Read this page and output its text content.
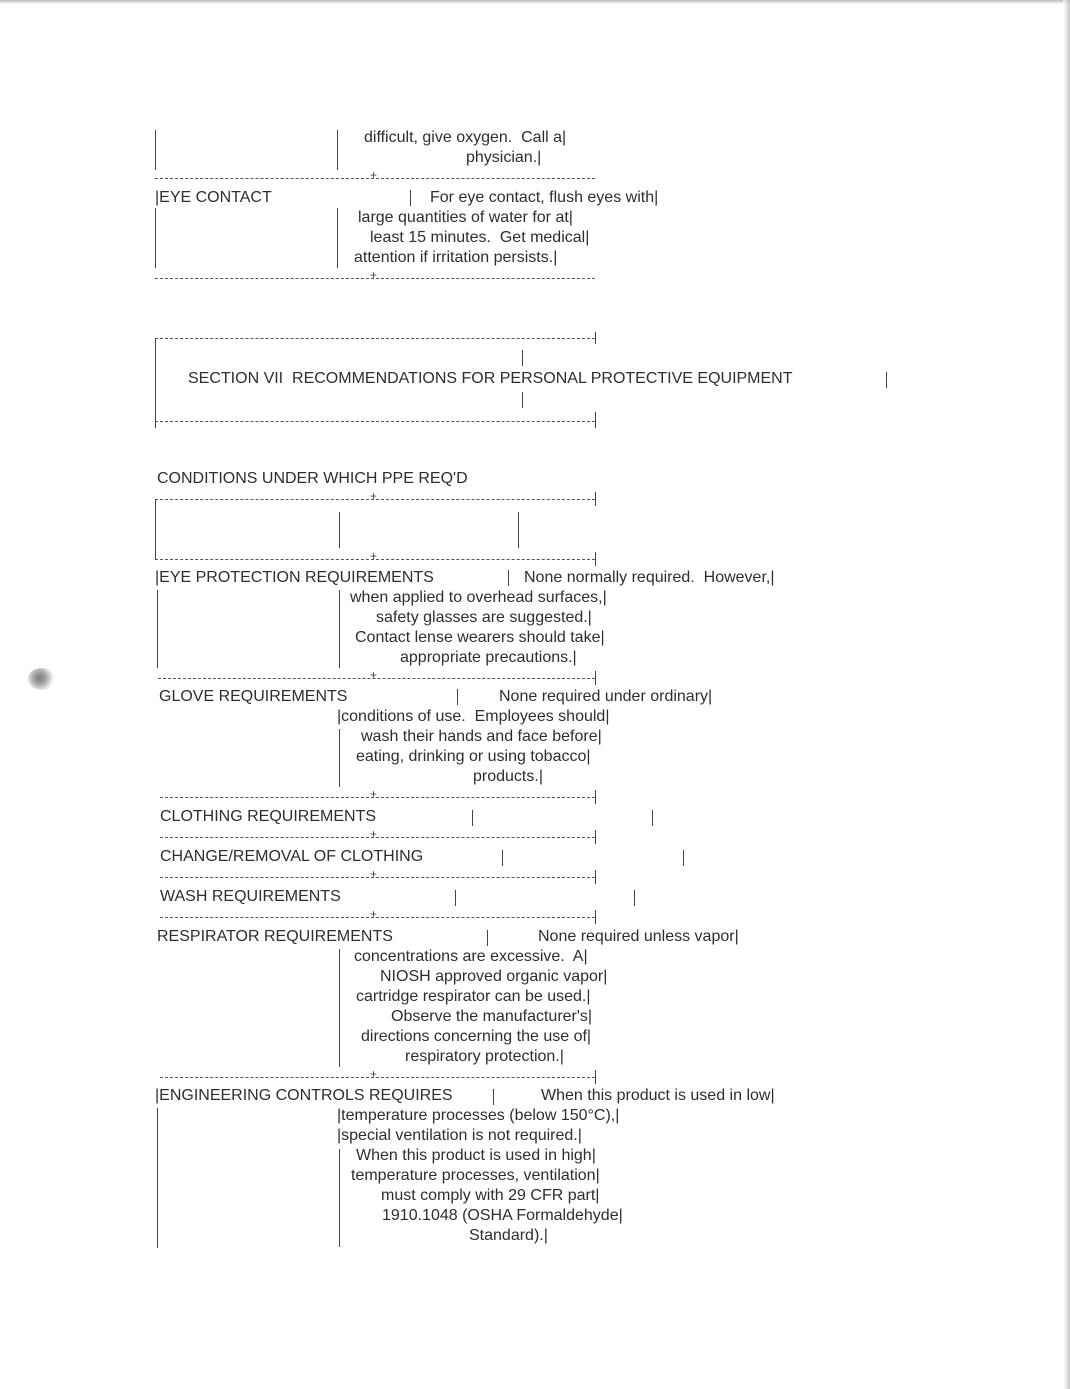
difficult, give oxygen.  Call a|
physician.|
+
|EYE CONTACT	For eye contact, flush eyes with|
large quantities of water for at|
least 15 minutes.  Get medical|
attention if irritation persists.|
+
SECTION VII  RECOMMENDATIONS FOR PERSONAL PROTECTIVE EQUIPMENT
CONDITIONS UNDER WHICH PPE REQ'D
+
+
|EYE PROTECTION REQUIREMENTS	None normally required.  However,|
when applied to overhead surfaces,|
safety glasses are suggested.|
Contact lense wearers should take|
appropriate precautions.|
+
GLOVE REQUIREMENTS	None required under ordinary|
|conditions of use.  Employees should|
wash their hands and face before|
eating, drinking or using tobacco|
products.|
+
CLOTHING REQUIREMENTS
+
CHANGE/REMOVAL OF CLOTHING
+
WASH REQUIREMENTS
+
RESPIRATOR REQUIREMENTS	None required unless vapor|
concentrations are excessive.  A|
NIOSH approved organic vapor|
cartridge respirator can be used.|
Observe the manufacturer's|
directions concerning the use of|
respiratory protection.|
+
|ENGINEERING CONTROLS REQUIRES	When this product is used in low|
|temperature processes (below 150°C),|
|special ventilation is not required.|
When this product is used in high|
temperature processes, ventilation|
must comply with 29 CFR part|
1910.1048 (OSHA Formaldehyde|
Standard).|
